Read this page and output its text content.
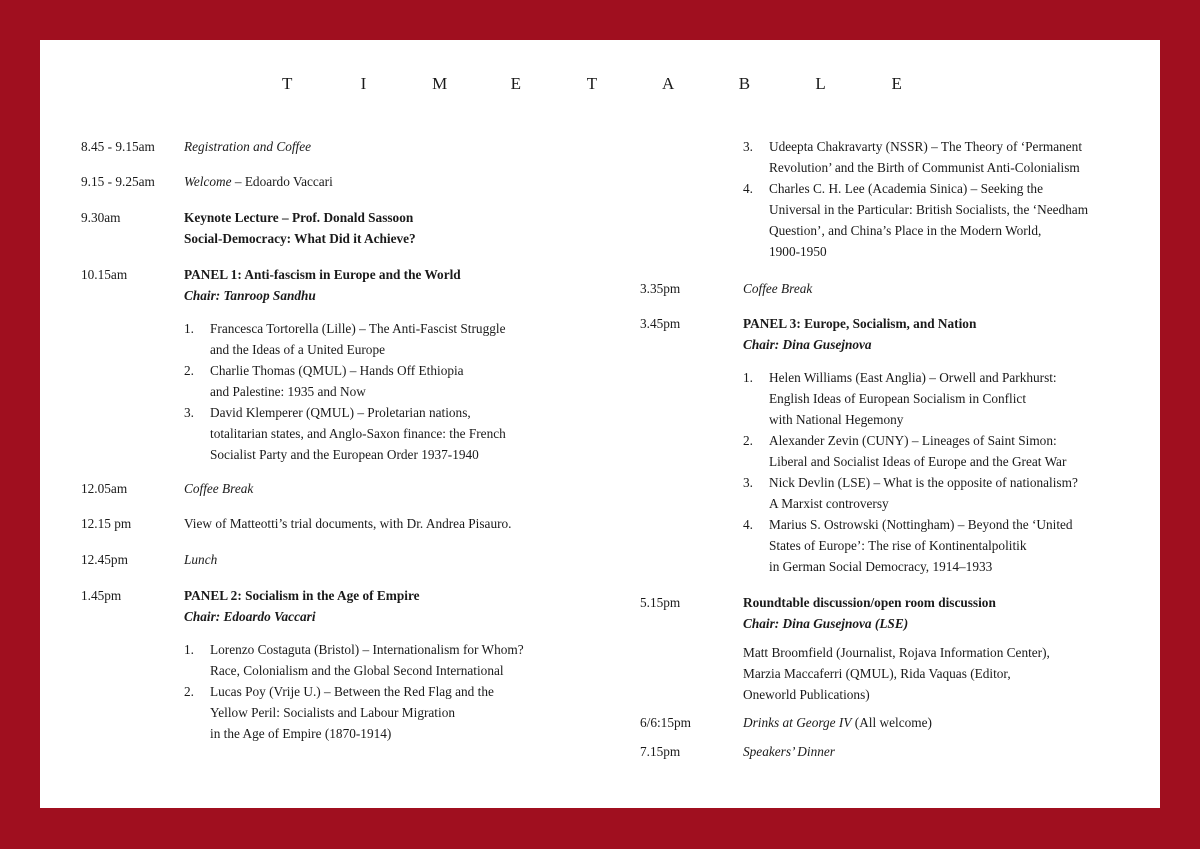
T	I	M	E	T	A	B	L	E
8.45 - 9.15am	Registration and Coffee
9.15 - 9.25am	Welcome – Edoardo Vaccari
9.30am	Keynote Lecture – Prof. Donald Sassoon
Social-Democracy: What Did it Achieve?
10.15am	PANEL 1: Anti-fascism in Europe and the World
Chair: Tanroop Sandhu
1. Francesca Tortorella (Lille) – The Anti-Fascist Struggle
and the Ideas of a United Europe
2. Charlie Thomas (QMUL) – Hands Off Ethiopia
and Palestine: 1935 and Now
3. David Klemperer (QMUL) – Proletarian nations,
totalitarian states, and Anglo-Saxon finance: the French
Socialist Party and the European Order 1937-1940
12.05am	Coffee Break
12.15 pm	View of Matteotti’s trial documents, with Dr. Andrea Pisauro.
12.45pm	Lunch
1.45pm	PANEL 2: Socialism in the Age of Empire
Chair: Edoardo Vaccari
1. Lorenzo Costaguta (Bristol) – Internationalism for Whom?
Race, Colonialism and the Global Second International
2. Lucas Poy (Vrije U.) – Between the Red Flag and the
Yellow Peril: Socialists and Labour Migration
in the Age of Empire (1870-1914)
3. Udeepta Chakravarty (NSSR) – The Theory of ‘Permanent
Revolution’ and the Birth of Communist Anti-Colonialism
4. Charles C. H. Lee (Academia Sinica) – Seeking the
Universal in the Particular: British Socialists, the ‘Needham
Question’, and China’s Place in the Modern World,
1900-1950
3.35pm	Coffee Break
3.45pm	PANEL 3: Europe, Socialism, and Nation
Chair: Dina Gusejnova
1. Helen Williams (East Anglia) – Orwell and Parkhurst:
English Ideas of European Socialism in Conflict
with National Hegemony
2. Alexander Zevin (CUNY) – Lineages of Saint Simon:
Liberal and Socialist Ideas of Europe and the Great War
3. Nick Devlin (LSE) – What is the opposite of nationalism?
A Marxist controversy
4. Marius S. Ostrowski (Nottingham) – Beyond the ‘United
States of Europe’: The rise of Kontinentalpolitik
in German Social Democracy, 1914–1933
5.15pm	Roundtable discussion/open room discussion
Chair: Dina Gusejnova (LSE)
Matt Broomfield (Journalist, Rojava Information Center),
Marzia Maccaferri (QMUL), Rida Vaquas (Editor,
Oneworld Publications)
6/6:15pm	Drinks at George IV (All welcome)
7.15pm	Speakers’ Dinner
